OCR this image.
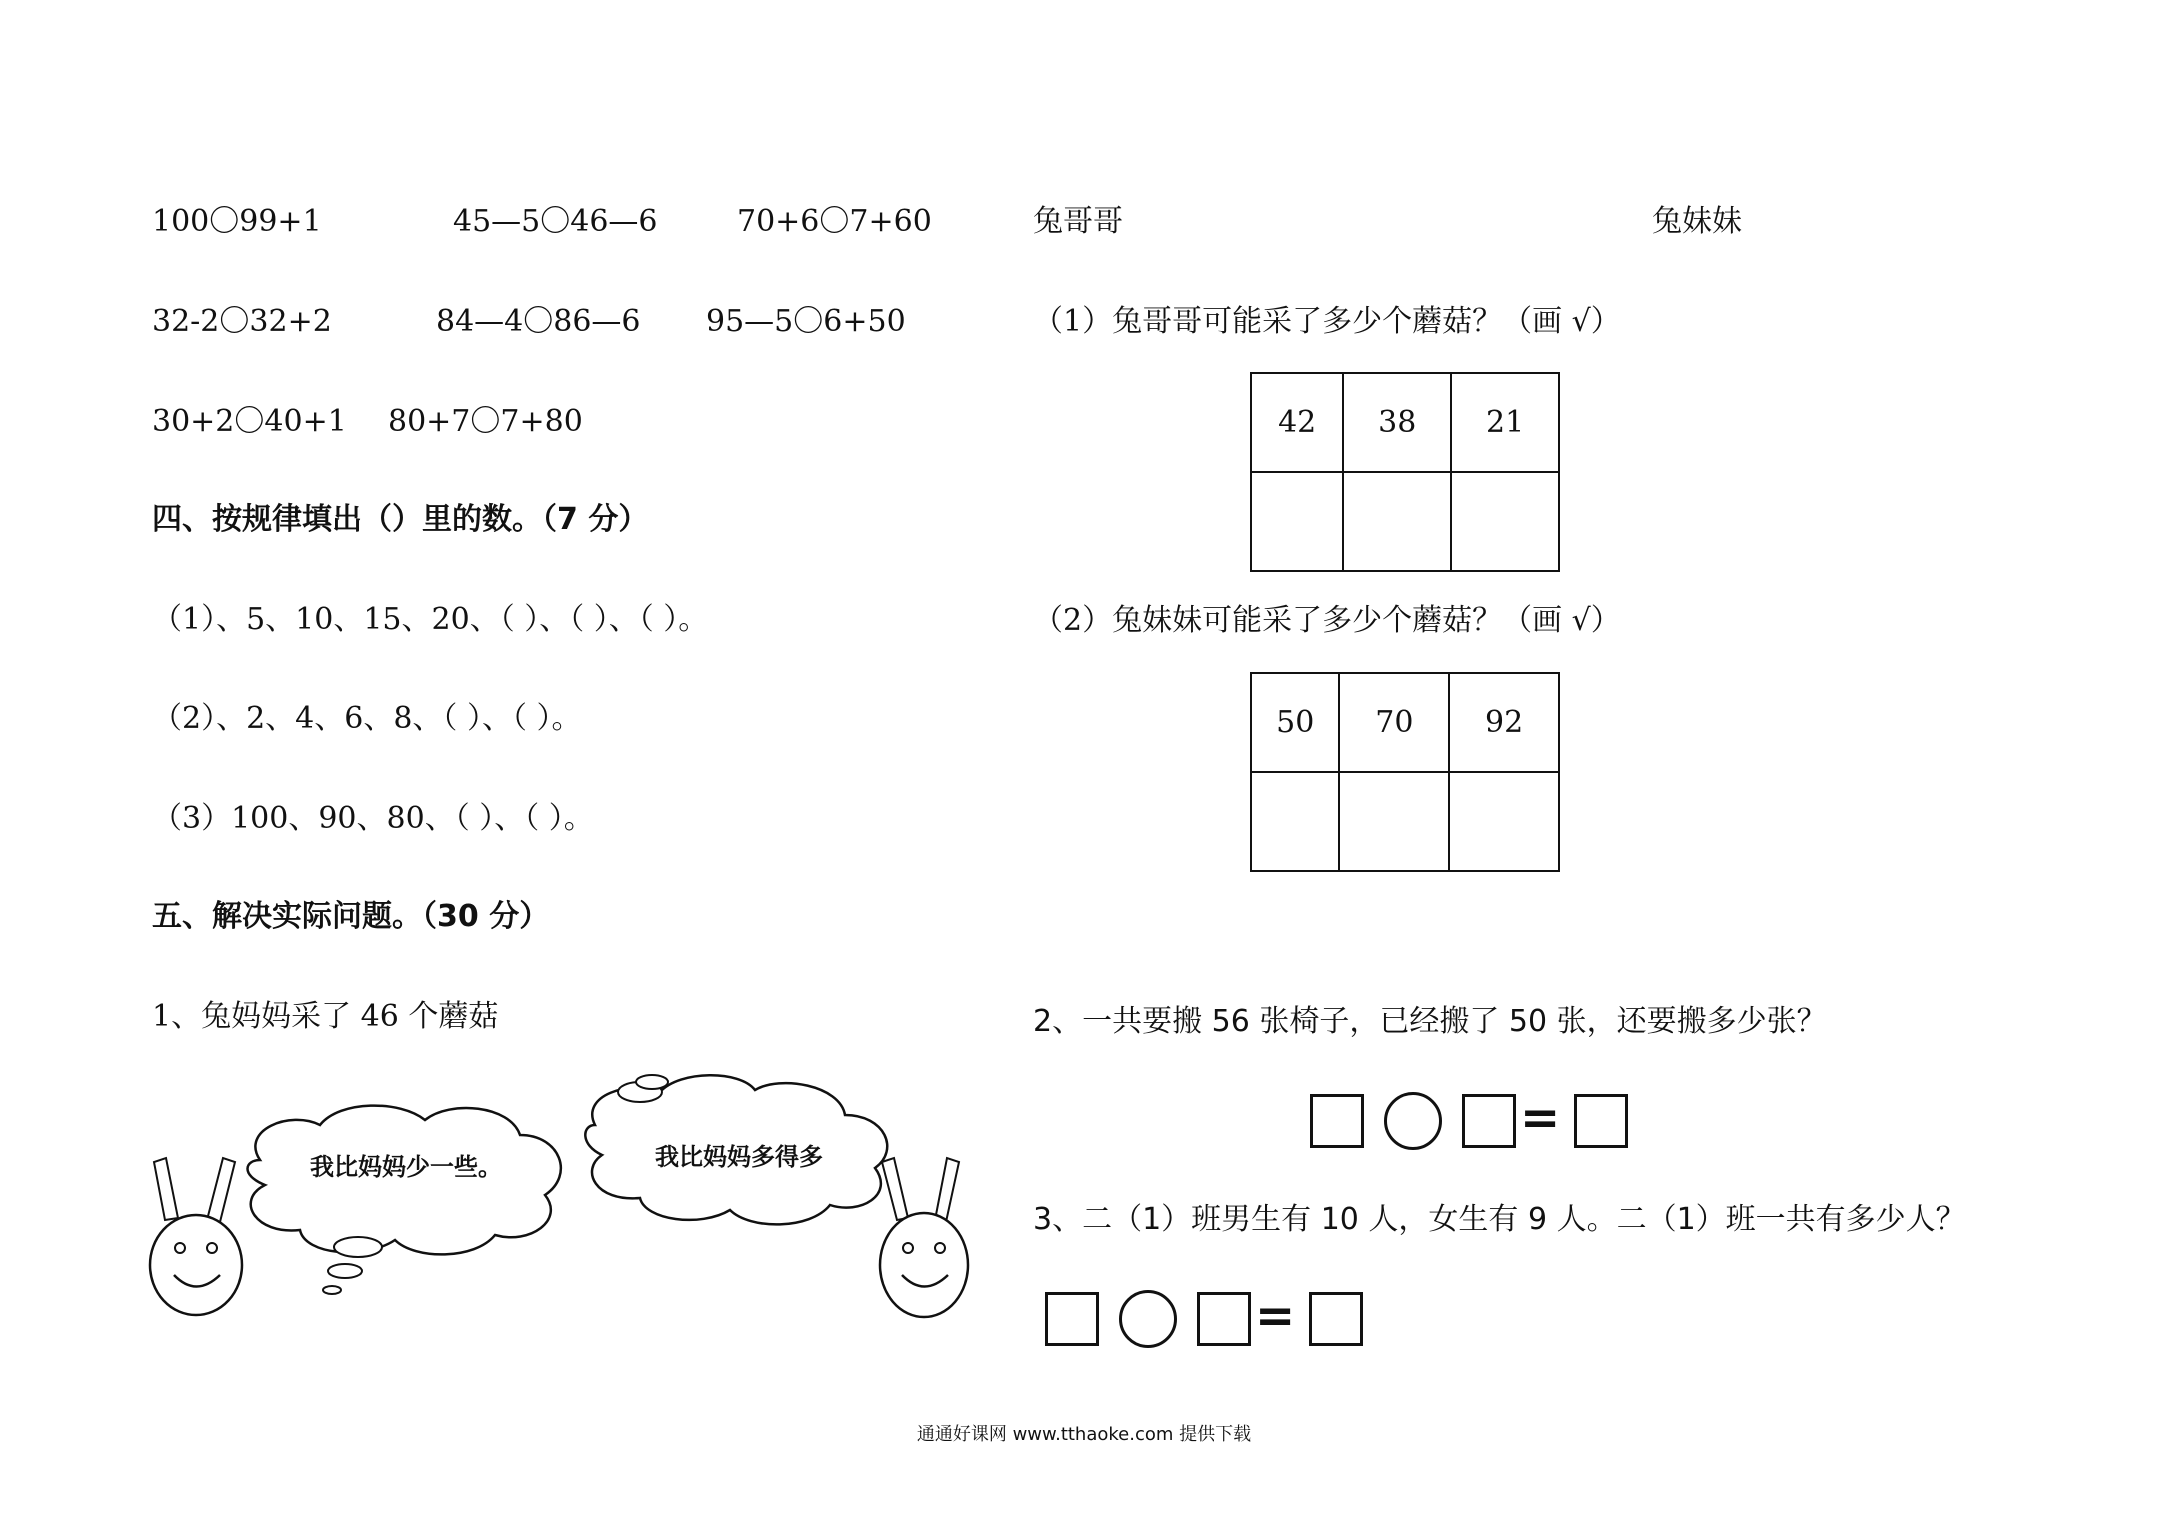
100〇99+1	45—5〇46—6	70+6〇7+60
32-2〇32+2	84—4〇86—6 95—5〇6+50
30+2〇40+1 80+7〇7+80
四、按规律填出（）里的数。（7 分）
（1）、5、10、15、20、（ ）、（ ）、（ ）。
（2）、2、4、6、8、（ ）、（ ）。
（3）100、90、80、（ ）、（ ）。
五、解决实际问题。（30 分）
1、兔妈妈采了 46 个蘑菇
我比妈妈少一些。	我比妈妈多得多
兔哥哥	兔妹妹
（1）兔哥哥可能采了多少个蘑菇？（画 √）
42	38	21

（2）兔妹妹可能采了多少个蘑菇？（画 √）
50	70	92

2、一共要搬 56 张椅子，已经搬了 50 张，还要搬多少张？
=
3、二（1）班男生有 10 人，女生有 9 人。二（1）班一共有多少人？
=
通通好课网 www.tthaoke.com 提供下载
